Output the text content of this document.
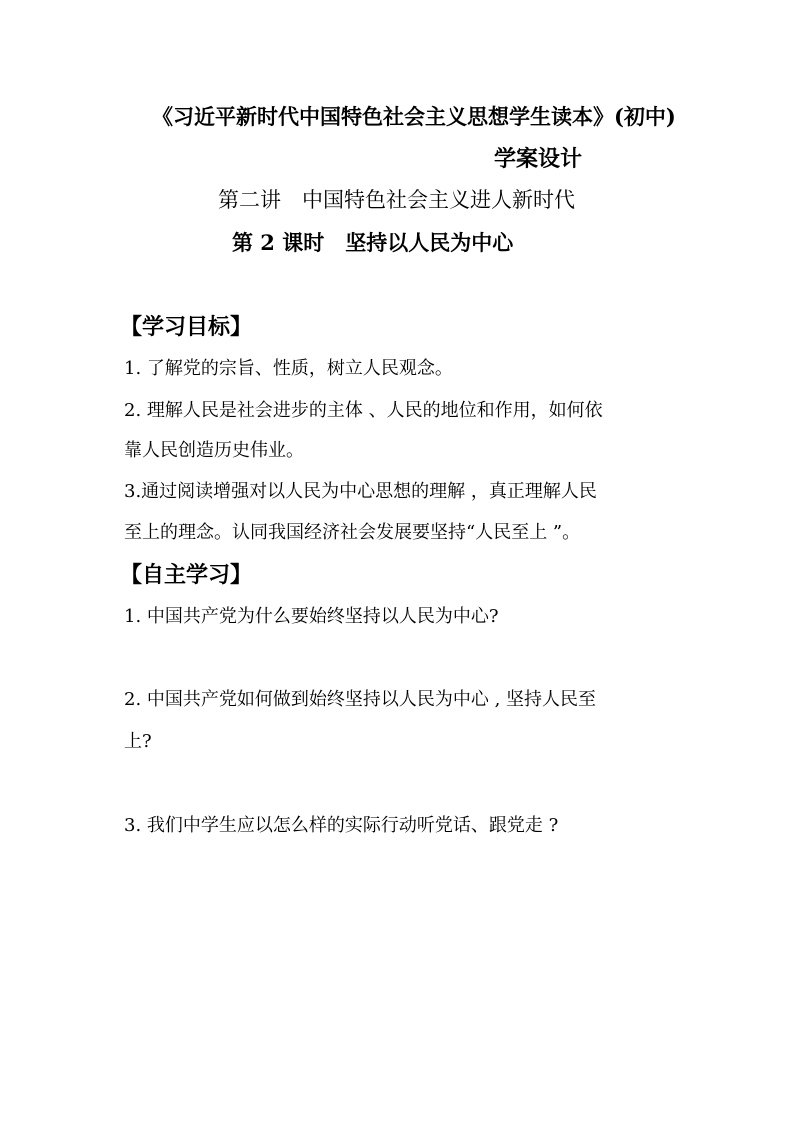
《习近平新时代中国特色社会主义思想学生读本》(初中)
学案设计
第二讲　中国特色社会主义进人新时代
第 2 课时　坚持以人民为中心
【学习目标】
1. 了解党的宗旨、性质，树立人民观念。
2. 理解人民是社会进步的主体 、人民的地位和作用，如何依
靠人民创造历史伟业。
3.通过阅读增强对以人民为中心思想的理解 ，真正理解人民
至上的理念。认同我国经济社会发展要坚持“人民至上 ”。
【自主学习】
1. 中国共产党为什么要始终坚持以人民为中心?
2. 中国共产党如何做到始终坚持以人民为中心 , 坚持人民至
上?
3. 我们中学生应以怎么样的实际行动听党话、跟党走 ?
